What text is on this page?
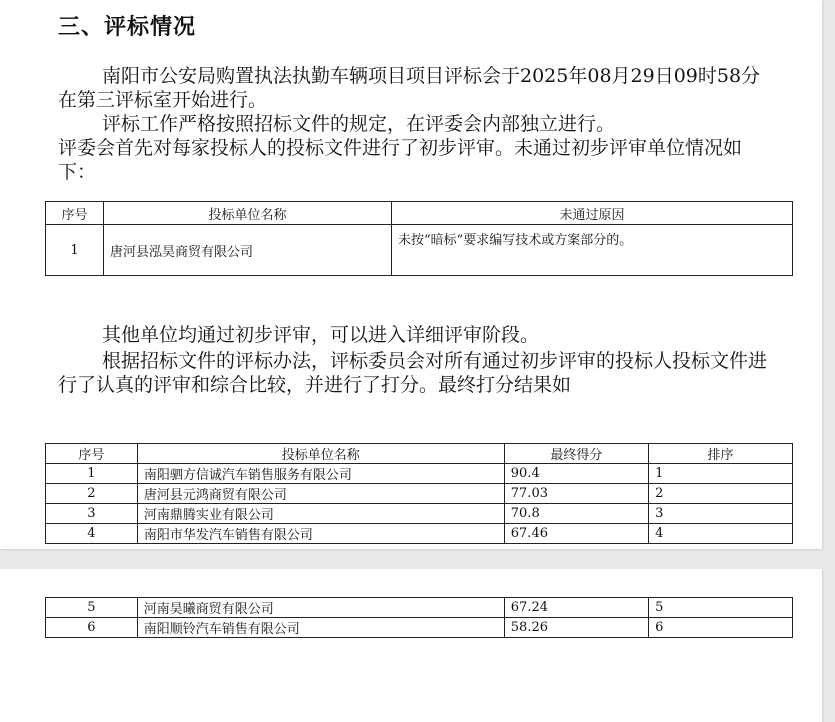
三、评标情况

南阳市公安局购置执法执勤车辆项目项目评标会于2025年08月29日09时58分在第三评标室开始进行。

评标工作严格按照招标文件的规定，在评委会内部独立进行。

评委会首先对每家投标人的投标文件进行了初步评审。未通过初步评审单位情况如下：

序号	投标单位名称	未通过原因
1	唐河县泓昊商贸有限公司	未按“暗标”要求编写技术或方案部分的。

其他单位均通过初步评审，可以进入详细评审阶段。

根据招标文件的评标办法，评标委员会对所有通过初步评审的投标人投标文件进行了认真的评审和综合比较，并进行了打分。最终打分结果如

序号	投标单位名称	最终得分	排序
1	南阳驷方信诚汽车销售服务有限公司	90.4	1
2	唐河县元鸿商贸有限公司	77.03	2
3	河南鼎腾实业有限公司	70.8	3
4	南阳市华发汽车销售有限公司	67.46	4
5	河南昊曦商贸有限公司	67.24	5
6	南阳顺铃汽车销售有限公司	58.26	6
